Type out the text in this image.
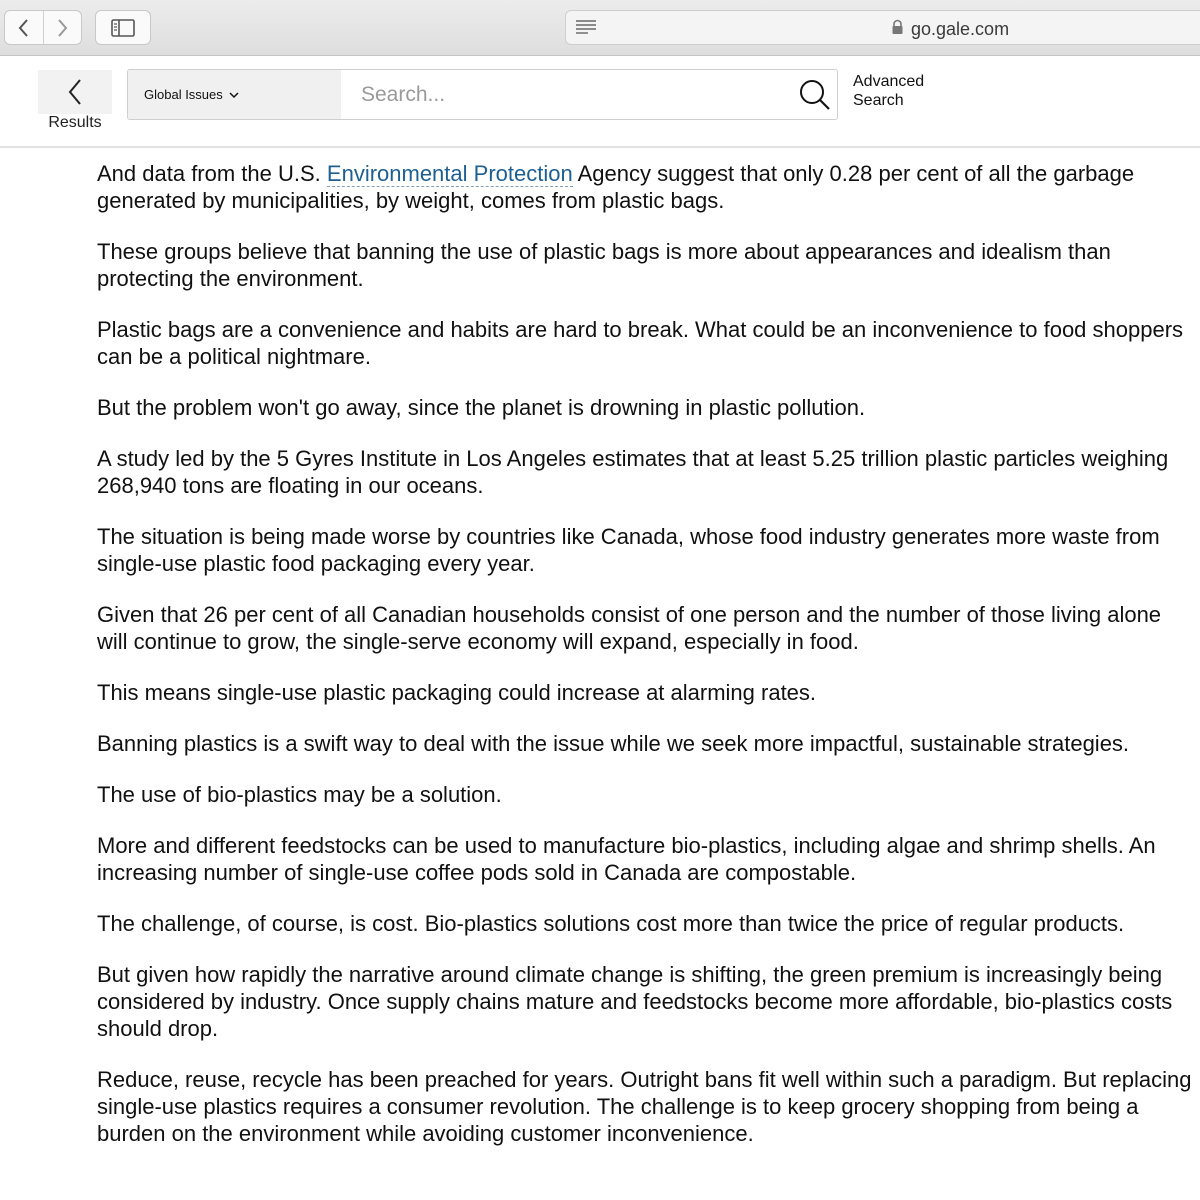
go.gale.com
Results
Global Issues
Search...
Advanced Search

And data from the U.S. Environmental Protection Agency suggest that only 0.28 per cent of all the garbage generated by municipalities, by weight, comes from plastic bags.

These groups believe that banning the use of plastic bags is more about appearances and idealism than protecting the environment.

Plastic bags are a convenience and habits are hard to break. What could be an inconvenience to food shoppers can be a political nightmare.

But the problem won't go away, since the planet is drowning in plastic pollution.

A study led by the 5 Gyres Institute in Los Angeles estimates that at least 5.25 trillion plastic particles weighing 268,940 tons are floating in our oceans.

The situation is being made worse by countries like Canada, whose food industry generates more waste from single-use plastic food packaging every year.

Given that 26 per cent of all Canadian households consist of one person and the number of those living alone will continue to grow, the single-serve economy will expand, especially in food.

This means single-use plastic packaging could increase at alarming rates.

Banning plastics is a swift way to deal with the issue while we seek more impactful, sustainable strategies.

The use of bio-plastics may be a solution.

More and different feedstocks can be used to manufacture bio-plastics, including algae and shrimp shells. An increasing number of single-use coffee pods sold in Canada are compostable.

The challenge, of course, is cost. Bio-plastics solutions cost more than twice the price of regular products.

But given how rapidly the narrative around climate change is shifting, the green premium is increasingly being considered by industry. Once supply chains mature and feedstocks become more affordable, bio-plastics costs should drop.

Reduce, reuse, recycle has been preached for years. Outright bans fit well within such a paradigm. But replacing single-use plastics requires a consumer revolution. The challenge is to keep grocery shopping from being a burden on the environment while avoiding customer inconvenience.
